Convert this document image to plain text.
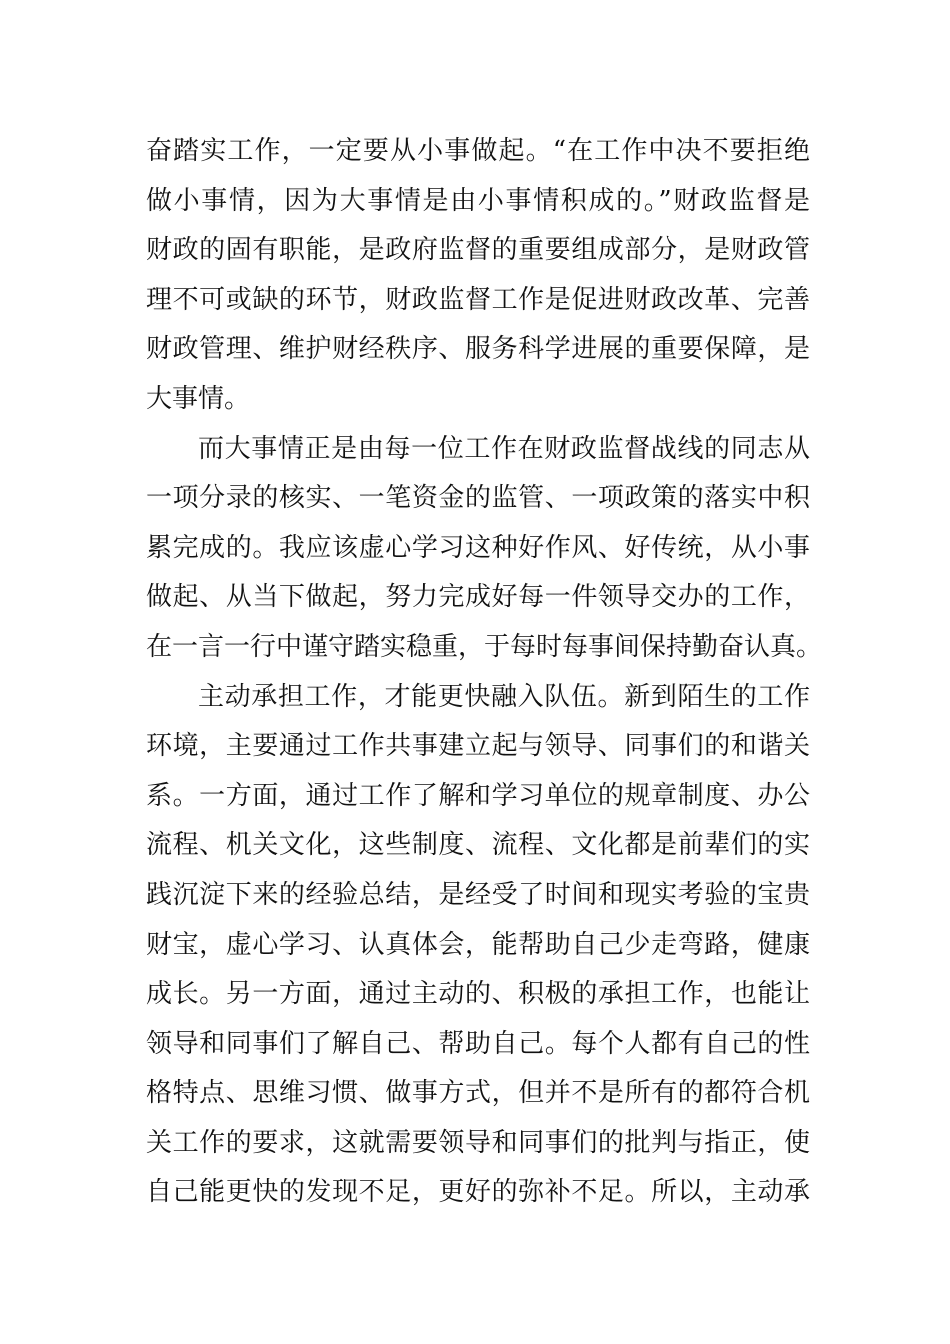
奋踏实工作，一定要从小事做起。“在工作中决不要拒绝
做小事情，因为大事情是由小事情积成的。”财政监督是
财政的固有职能，是政府监督的重要组成部分，是财政管
理不可或缺的环节，财政监督工作是促进财政改革、完善
财政管理、维护财经秩序、服务科学进展的重要保障，是
大事情。
而大事情正是由每一位工作在财政监督战线的同志从
一项分录的核实、一笔资金的监管、一项政策的落实中积
累完成的。我应该虚心学习这种好作风、好传统，从小事
做起、从当下做起，努力完成好每一件领导交办的工作，
在一言一行中谨守踏实稳重，于每时每事间保持勤奋认真。
主动承担工作，才能更快融入队伍。新到陌生的工作
环境，主要通过工作共事建立起与领导、同事们的和谐关
系。一方面，通过工作了解和学习单位的规章制度、办公
流程、机关文化，这些制度、流程、文化都是前辈们的实
践沉淀下来的经验总结，是经受了时间和现实考验的宝贵
财宝，虚心学习、认真体会，能帮助自己少走弯路，健康
成长。另一方面，通过主动的、积极的承担工作，也能让
领导和同事们了解自己、帮助自己。每个人都有自己的性
格特点、思维习惯、做事方式，但并不是所有的都符合机
关工作的要求，这就需要领导和同事们的批判与指正，使
自己能更快的发现不足，更好的弥补不足。所以，主动承
